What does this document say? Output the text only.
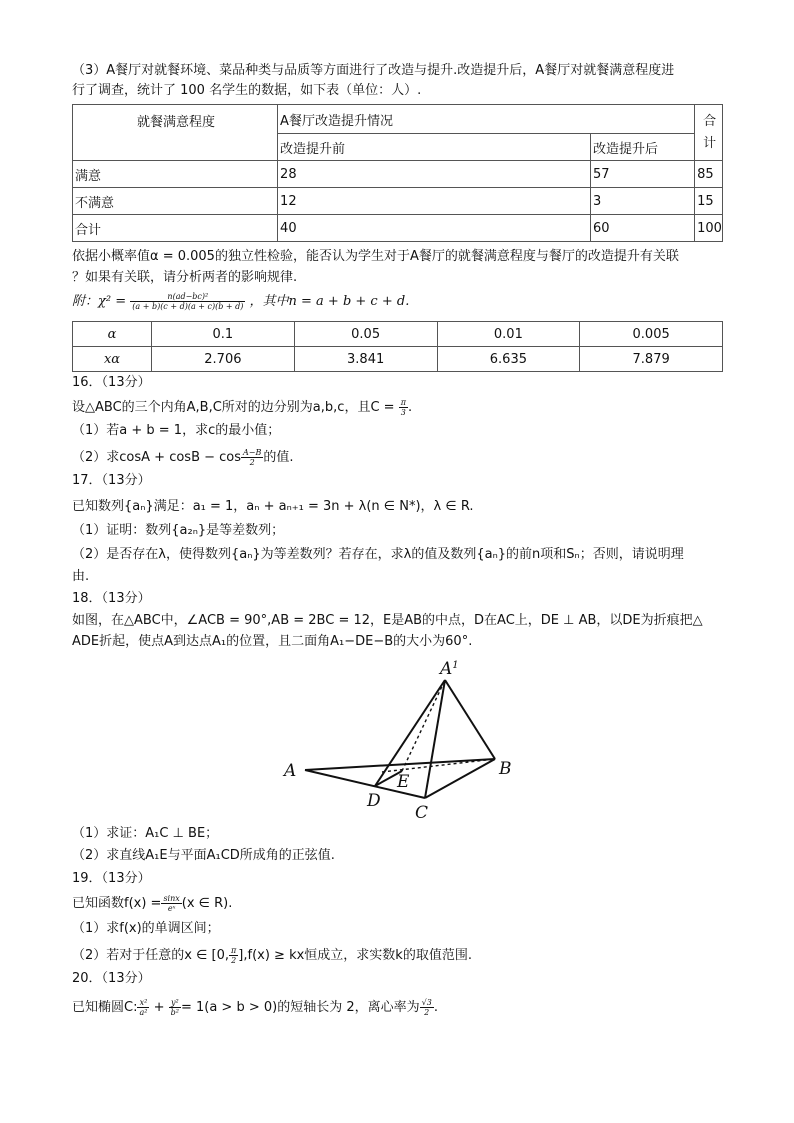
（3）A餐厅对就餐环境、菜品种类与品质等方面进行了改造与提升.改造提升后，A餐厅对就餐满意程度进
行了调查，统计了 100 名学生的数据，如下表（单位：人）.
就餐满意程度	A餐厅改造提升情况		合计
	改造提升前	改造提升后	
满意	28	57	85
不满意	12	3	15
合计	40	60	100
依据小概率值α = 0.005的独立性检验，能否认为学生对于A餐厅的就餐满意程度与餐厅的改造提升有关联
？如果有关联，请分析两者的影响规律.
附：$\chi^2 = \frac{\text{n(ad−bc)²}}{(a + b)(c + d)(a + c)(b + d)}$ ，其中n = a + b + c + d.
α	0.1	0.05	0.01	0.005
xα	2.706	3.841	6.635	7.879
16．（13分）
设△ABC的三个内角A,B,C所对的边分别为a,b,c，且$C = \frac{\pi}{3}$ .
（1）若a + b = 1，求c的最小值；
（2）求$\cos A + \cos B - \cos \frac{A-B}{2}$ 的值.
17．（13分）
已知数列{aₙ}满足：a₁ = 1，aₙ + aₙ₊₁ = 3n + λ(n ∈ N*)，λ ∈ R.
（1）证明：数列{a₂ₙ}是等差数列；
（2）是否存在λ，使得数列{aₙ}为等差数列？若存在，求λ的值及数列{aₙ}的前n项和Sₙ；否则，请说明理
由.
18．（13分）
如图，在△ABC中，∠ACB = 90°,AB = 2BC = 12，E是AB的中点，D在AC上，DE ⊥ AB，以DE为折痕把△
ADE折起，使点A到达点A₁的位置，且二面角A₁−DE−B的大小为60°.
A
$A^1$
B
C
D
E
（1）求证：A₁C ⊥ BE；
（2）求直线A₁E与平面A₁CD所成角的正弦值.
19．（13分）
已知函数$f(x) = \frac{\sin x}{\text{eˣ}} (x$ ∈ R).
（1）求f(x)的单调区间；
（2）若对于任意的x ∈ [0, $\frac{\pi}{2} ],f(x)$ ≥ kx恒成立，求实数k的取值范围.
20．（13分）
已知椭圆C: $\frac{\text{x²}}{\text{a²}} + \frac{\text{y²}}{\text{b²}} = 1(a > b > 0)$的短轴长为 2，离心率为 $\frac{√3}{2}$ .
